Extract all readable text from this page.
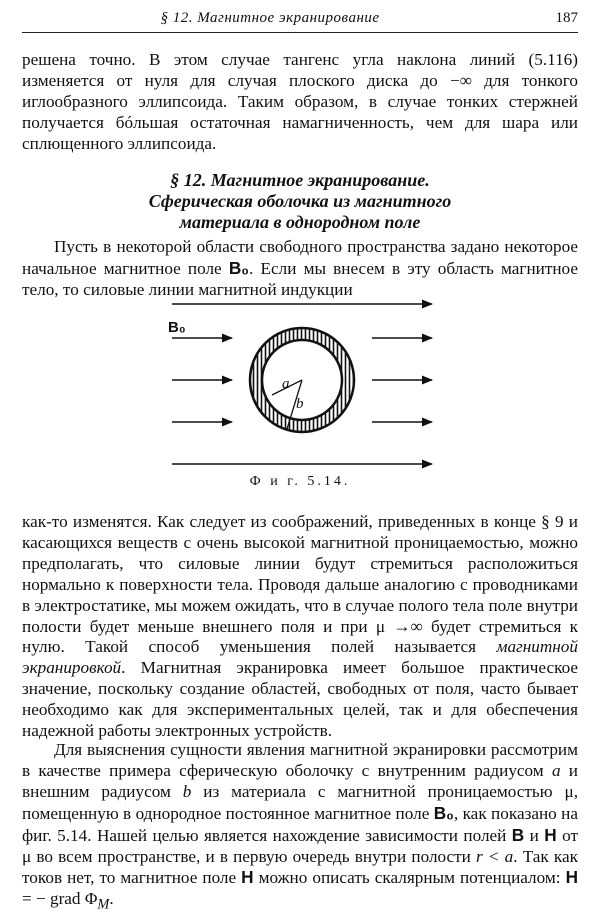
§ 12. Магнитное экранирование	187

решена точно. В этом случае тангенс угла наклона линий (5.116) изменяется от нуля для случая плоского диска до −∞ для тонкого иглообразного эллипсоида. Таким образом, в случае тонких стержней получается бóльшая остаточная намагниченность, чем для шара или сплющенного эллипсоида.

§ 12. Магнитное экранирование.
Сферическая оболочка из магнитного
материала в однородном поле

Пусть в некоторой области свободного пространства задано некоторое начальное магнитное поле B₀. Если мы внесем в эту область магнитное тело, то силовые линии магнитной индукции

B₀
a
b
Ф и г. 5.14.

как-то изменятся. Как следует из соображений, приведенных в конце § 9 и касающихся веществ с очень высокой магнитной проницаемостью, можно предполагать, что силовые линии будут стремиться расположиться нормально к поверхности тела. Проводя дальше аналогию с проводниками в электростатике, мы можем ожидать, что в случае полого тела поле внутри полости будет меньше внешнего поля и при μ →∞ будет стремиться к нулю. Такой способ уменьшения полей называется магнитной экранировкой. Магнитная экранировка имеет большое практическое значение, поскольку создание областей, свободных от поля, часто бывает необходимо как для экспериментальных целей, так и для обеспечения надежной работы электронных устройств.

Для выяснения сущности явления магнитной экранировки рассмотрим в качестве примера сферическую оболочку с внутренним радиусом a и внешним радиусом b из материала с магнитной проницаемостью μ, помещенную в однородное постоянное магнитное поле B₀, как показано на фиг. 5.14. Нашей целью является нахождение зависимости полей B и H от μ во всем пространстве, и в первую очередь внутри полости r < a. Так как токов нет, то магнитное поле H можно описать скалярным потенциалом: H = − grad $\Phi_M$.
